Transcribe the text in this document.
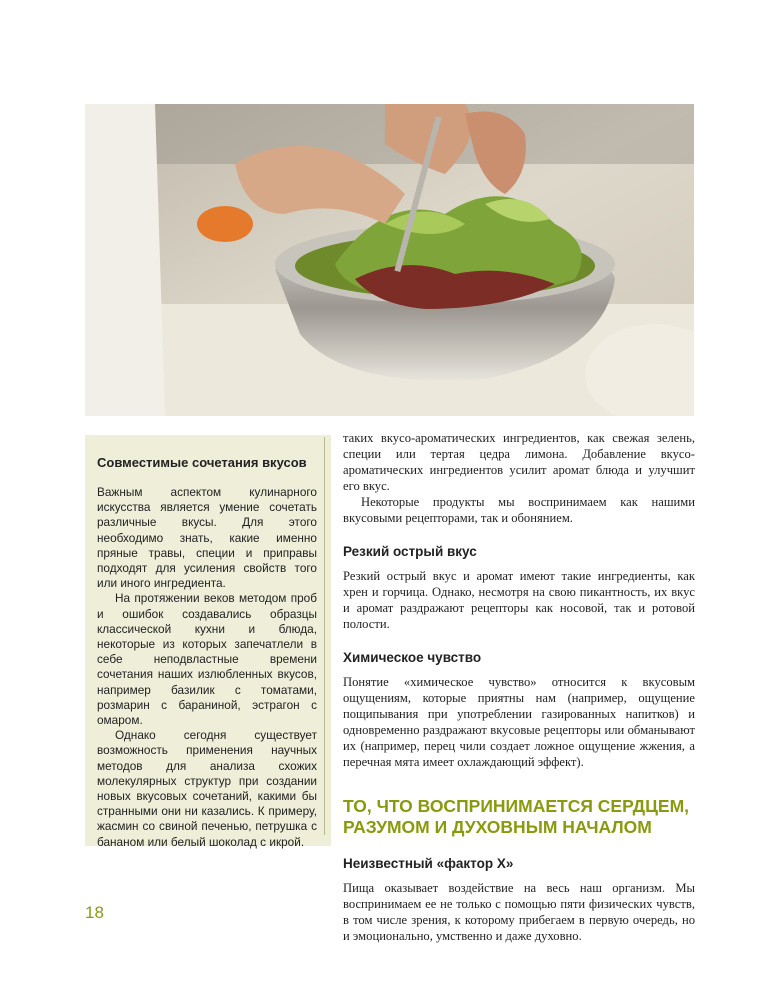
Совместимые сочетания вкусов

Важным аспектом кулинарного искусства является умение сочетать различные вкусы. Для этого необходимо знать, какие именно пряные травы, специи и приправы подходят для усиления свойств того или иного ингредиента.

На протяжении веков методом проб и ошибок создавались образцы классической кухни и блюда, некоторые из которых запечатлели в себе неподвластные времени сочетания наших излюбленных вкусов, например базилик с томатами, розмарин с бараниной, эстрагон с омаром.

Однако сегодня существует возможность применения научных методов для анализа схожих молекулярных структур при создании новых вкусовых сочетаний, какими бы странными они ни казались. К примеру, жасмин со свиной печенью, петрушка с бананом или белый шоколад с икрой.

таких вкусо-ароматических ингредиентов, как свежая зелень, специи или тертая цедра лимона. Добавление вкусо-ароматических ингредиентов усилит аромат блюда и улучшит его вкус.

Некоторые продукты мы воспринимаем как нашими вкусовыми рецепторами, так и обонянием.

Резкий острый вкус

Резкий острый вкус и аромат имеют такие ингредиенты, как хрен и горчица. Однако, несмотря на свою пикантность, их вкус и аромат раздражают рецепторы как носовой, так и ротовой полости.

Химическое чувство

Понятие «химическое чувство» относится к вкусовым ощущениям, которые приятны нам (например, ощущение пощипывания при употреблении газированных напитков) и одновременно раздражают вкусовые рецепторы или обманывают их (например, перец чили создает ложное ощущение жжения, а перечная мята имеет охлаждающий эффект).

ТО, ЧТО ВОСПРИНИМАЕТСЯ СЕРДЦЕМ, РАЗУМОМ И ДУХОВНЫМ НАЧАЛОМ
Неизвестный «фактор Х»

Пища оказывает воздействие на весь наш организм. Мы воспринимаем ее не только с помощью пяти физических чувств, в том числе зрения, к которому прибегаем в первую очередь, но и эмоционально, умственно и даже духовно.

18
